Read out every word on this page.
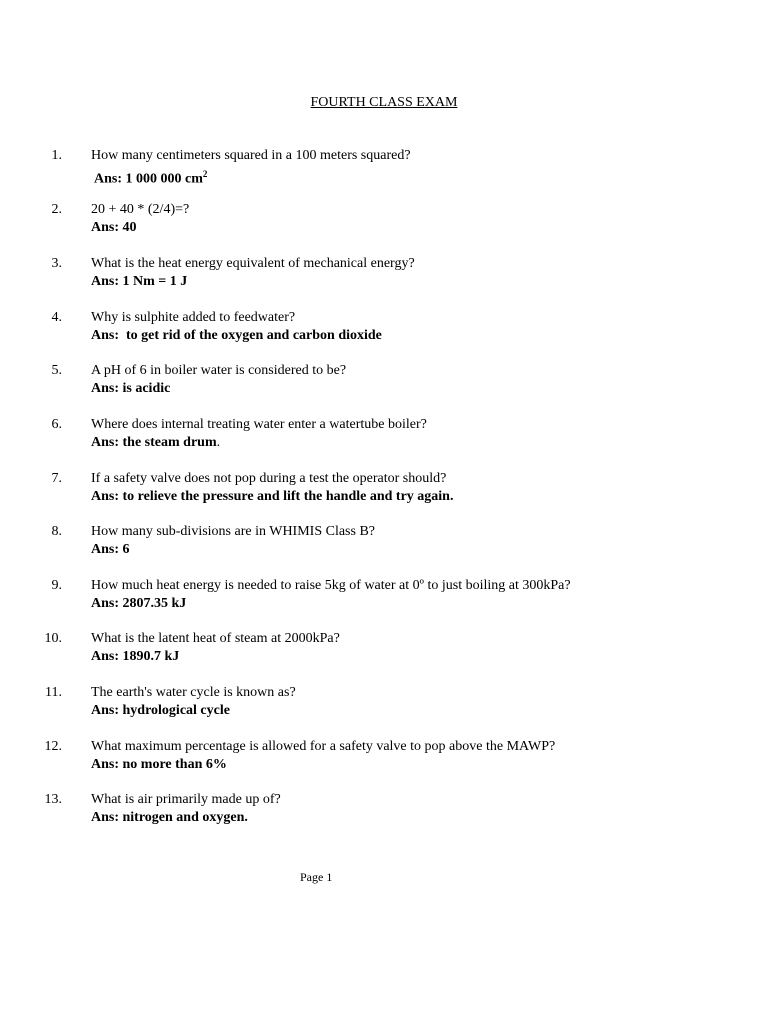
FOURTH CLASS EXAM
1. How many centimeters squared in a 100 meters squared?
Ans: 1 000 000 $cm^2$
2. 20 + 40 * (2/4)=?
Ans: 40
3. What is the heat energy equivalent of mechanical energy?
Ans: 1 Nm = 1 J
4. Why is sulphite added to feedwater?
Ans:  to get rid of the oxygen and carbon dioxide
5. A pH of 6 in boiler water is considered to be?
Ans: is acidic
6. Where does internal treating water enter a watertube boiler?
Ans: the steam drum.
7. If a safety valve does not pop during a test the operator should?
Ans: to relieve the pressure and lift the handle and try again.
8. How many sub-divisions are in WHIMIS Class B?
Ans: 6
9. How much heat energy is needed to raise 5kg of water at 0º to just boiling at 300kPa?
Ans: 2807.35 kJ
10. What is the latent heat of steam at 2000kPa?
Ans: 1890.7 kJ
11. The earth's water cycle is known as?
Ans: hydrological cycle
12. What maximum percentage is allowed for a safety valve to pop above the MAWP?
Ans: no more than 6%
13. What is air primarily made up of?
Ans: nitrogen and oxygen.
Page 1
